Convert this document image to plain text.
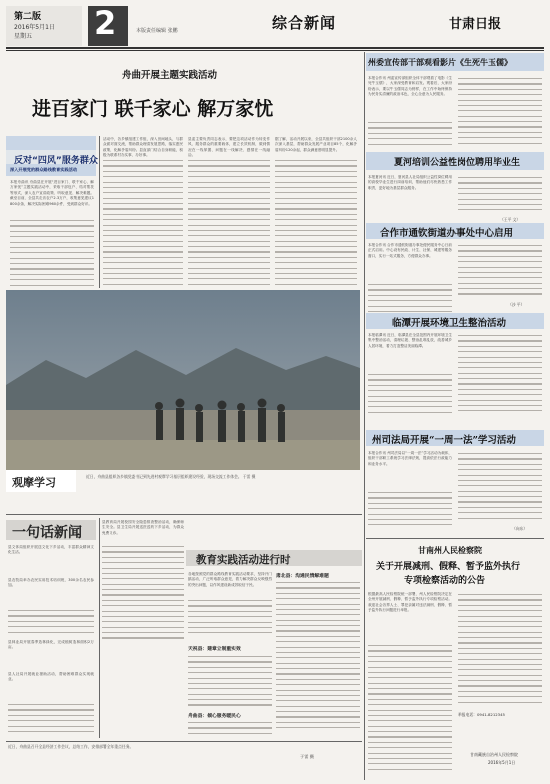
第二版
2016年5月1日
星期五 2	本版责任编辑 张鹏	综合新闻	甘肃日报
舟曲开展主题实践活动
进百家门 联千家心 解万家忧
反对“四风”服务群众
深入开展党的群众路线教育实践活动
本报舟曲讯 舟曲县在开展“进百家门、联千家心、解万家忧”主题实践活动中，采取干部包户、结对帮扶等形式，深入农户宣讲政策、听取意见、解决难题。截至目前，全县共走访农户2.3万户，收集意见建议1800余条，解决实际困难960余件，受到群众好评。
活动中，各乡镇组建工作组，深入田间地头，与群众面对面交流，帮助群众理清发展思路，落实惠民政策，化解矛盾纠纷。县直部门结合自身职能，积极为联系村办实事、办好事。
县委主要负责同志表示，要把这项活动作为转变作风、服务群众的重要载体，建立长效机制，做到情况在一线掌握、问题在一线解决、感情在一线融洽。
据了解，活动开展以来，全县共组织干部2100余人次深入基层，帮助群众发展产业项目85个，化解矛盾纠纷120余起，群众满意度明显提升。
观摩学习	近日，舟曲县组织各乡镇党委书记到先进村观摩学习基层组织建设经验，现场交流工作体会。 于雷 摄
一句话新闻
县文体局组织开展送文化下乡活动，丰富群众精神文化生活。
县农牧局举办农民实用技术培训班，300余名农民参加。
县林业局开展春季造林绿化，完成植树造林面积2万亩。
县人社局开展就业援助活动，帮助困难群众实现就业。
县教育局开展校园安全隐患排查整治活动，确保师生安全。县卫生局开展送医送药下乡活动，为群众免费义诊。
教育实践活动进行时
各地按照党的群众路线教育实践活动要求，坚持开门搞活动，广泛听取群众意见，着力解决群众反映强烈的突出问题，以作风建设新成效取信于民。
天祝县：建章立制重实效
舟曲县：倾心服务暖民心
肃北县：沟通民情解难题
近日，舟曲县召开全县经济工作会议，总结工作，安排部署全年重点任务。
于雷 摄
州委宣传部干部观看影片《生死牛玉儒》
本报合作讯 州委宣传部组织全体干部观看了电影《生死牛玉儒》，大家深受教育和启发。观看后，大家纷纷表示，要以牛玉儒同志为榜样，在工作中始终保持为民务实清廉的政治本色，全心全意为人民服务。
夏河培训公益性岗位聘用毕业生
本报夏河讯 近日，夏河县人社局组织公益性岗位聘用的高校毕业生进行岗前培训，帮助他们尽快熟悉工作职责，更好地为基层群众服务。
（王平 文）
合作市通钦街道办事处中心启用
本报合作讯 合作市通钦街道办事处便民服务中心日前正式启用。中心设有民政、计生、社保、城建等服务窗口，实行一站式服务，方便群众办事。
（沙 平）
临潭开展环境卫生整治活动
本报临潭讯 近日，临潭县在全县范围内开展环境卫生集中整治活动，清理垃圾、整治乱堆乱放，改善城乡人居环境，着力打造整洁美丽临潭。
州司法局开展“一周一法”学习活动
本报合作讯 州司法局以“一周一法”学习活动为载体，组织干部职工系统学习法律法规，提高依法行政能力和业务水平。
（向东）
甘南州人民检察院
关于开展减刑、假释、暂予监外执行
专项检察活动的公告
根据最高人民检察院统一部署，州人民检察院决定在全州开展减刑、假释、暂予监外执行专项检察活动。欢迎社会各界人士、罪犯亲属对违法减刑、假释、暂予监外执行问题进行举报。
举报电话：0941-8212345
甘南藏族自治州人民检察院
2016年5月1日
